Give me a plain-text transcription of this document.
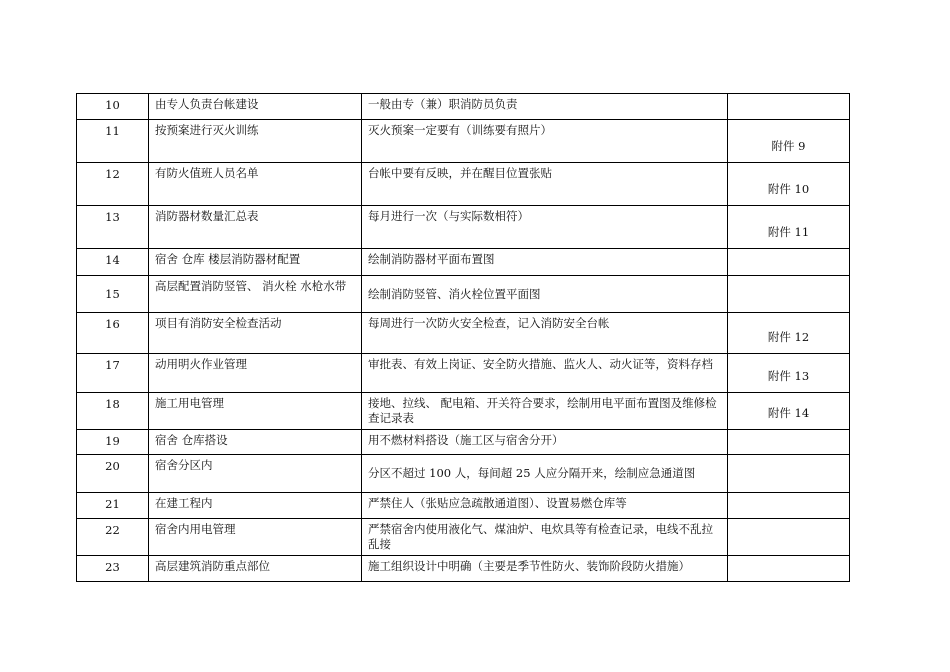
10	由专人负责台帐建设	一般由专（兼）职消防员负责	
11	按预案进行灭火训练	灭火预案一定要有（训练要有照片）	附件 9
12	有防火值班人员名单	台帐中要有反映，并在醒目位置张贴	附件 10
13	消防器材数量汇总表	每月进行一次（与实际数相符）	附件 11
14	宿舍 仓库 楼层消防器材配置	绘制消防器材平面布置图	
15	高层配置消防竖管、 消火栓 水枪水带	绘制消防竖管、消火栓位置平面图	
16	项目有消防安全检查活动	每周进行一次防火安全检查，记入消防安全台帐	附件 12
17	动用明火作业管理	审批表、有效上岗证、安全防火措施、监火人、动火证等，资料存档	附件 13
18	施工用电管理	接地、拉线、 配电箱、开关符合要求，绘制用电平面布置图及维修检查记录表	附件 14
19	宿舍 仓库搭设	用不燃材料搭设（施工区与宿舍分开）	
20	宿舍分区内	分区不超过 100 人，每间超 25 人应分隔开来，绘制应急通道图	
21	在建工程内	严禁住人（张贴应急疏散通道图）、设置易燃仓库等	
22	宿舍内用电管理	严禁宿舍内使用液化气、煤油炉、电炊具等有检查记录，电线不乱拉乱接	
23	高层建筑消防重点部位	施工组织设计中明确（主要是季节性防火、装饰阶段防火措施）	
